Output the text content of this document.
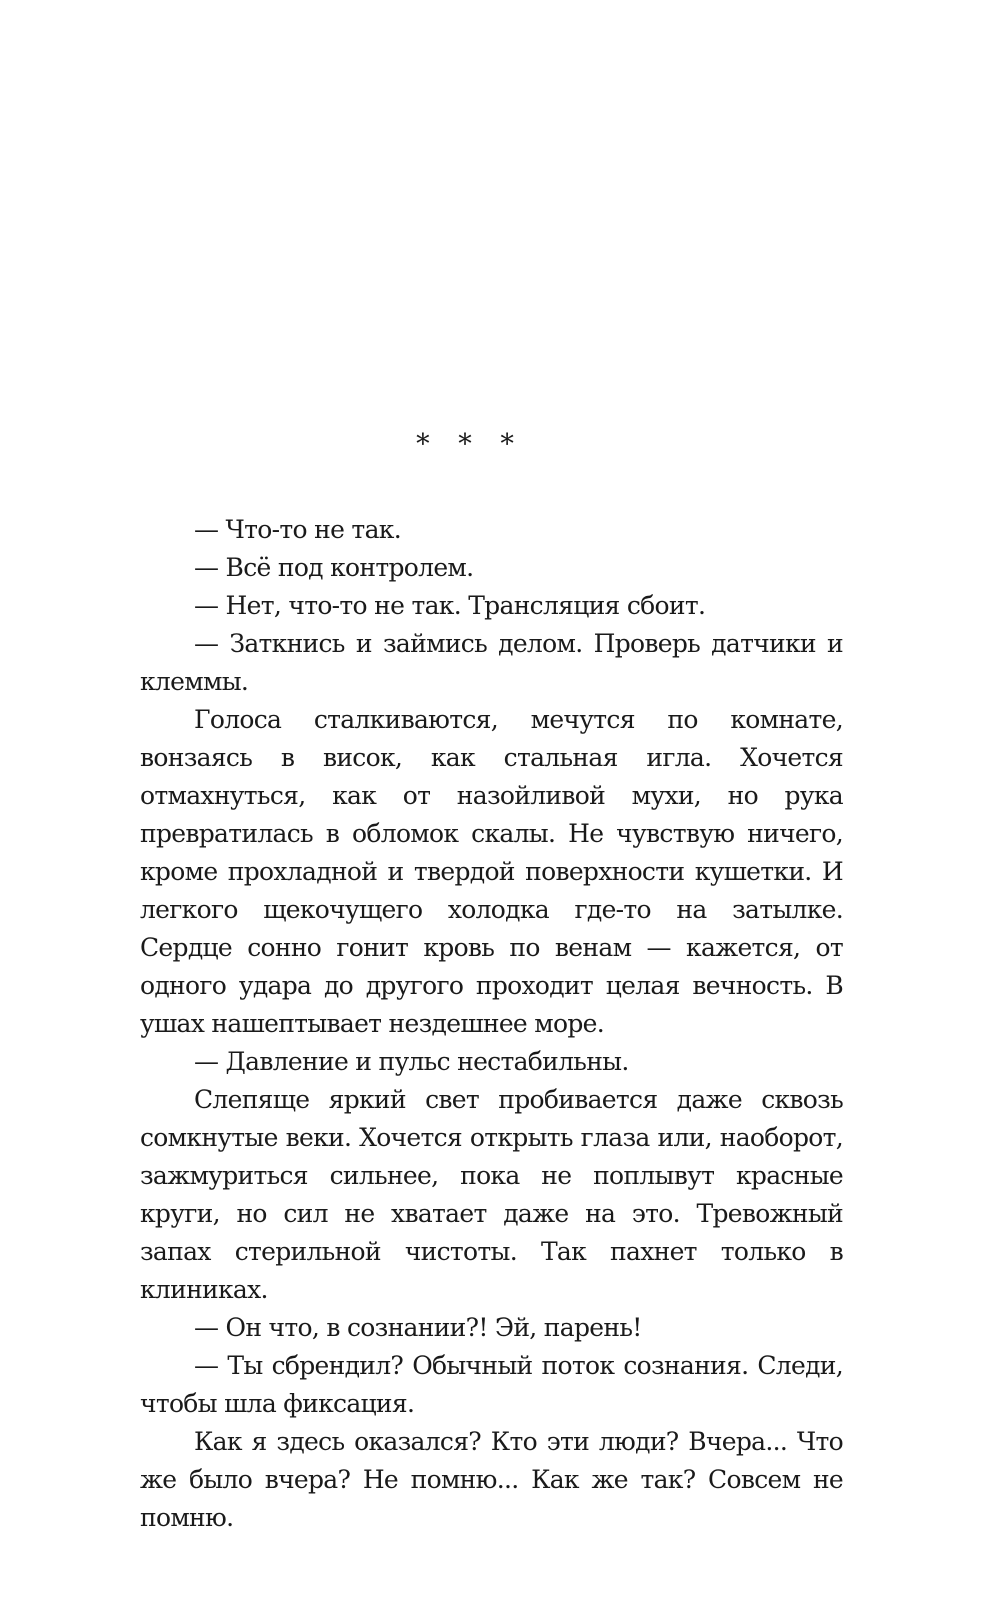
* * *

— Что-то не так.

— Всё под контролем.

— Нет, что-то не так. Трансляция сбоит.

— Заткнись и займись делом. Проверь датчики и клеммы.

Голоса сталкиваются, мечутся по комнате, вонзаясь в висок, как стальная игла. Хочется отмахнуться, как от назойливой мухи, но рука превратилась в обломок скалы. Не чувствую ничего, кроме прохладной и твердой поверхности кушетки. И легкого щекочущего холодка где-то на затылке. Сердце сонно гонит кровь по венам — кажется, от одного удара до другого проходит целая вечность. В ушах нашептывает нездешнее море.

— Давление и пульс нестабильны.

Слепяще яркий свет пробивается даже сквозь сомкнутые веки. Хочется открыть глаза или, наоборот, зажмуриться сильнее, пока не поплывут красные круги, но сил не хватает даже на это. Тревожный запах стерильной чистоты. Так пахнет только в клиниках.

— Он что, в сознании?! Эй, парень!

— Ты сбрендил? Обычный поток сознания. Следи, чтобы шла фиксация.

Как я здесь оказался? Кто эти люди? Вчера... Что же было вчера? Не помню... Как же так? Совсем не помню.
